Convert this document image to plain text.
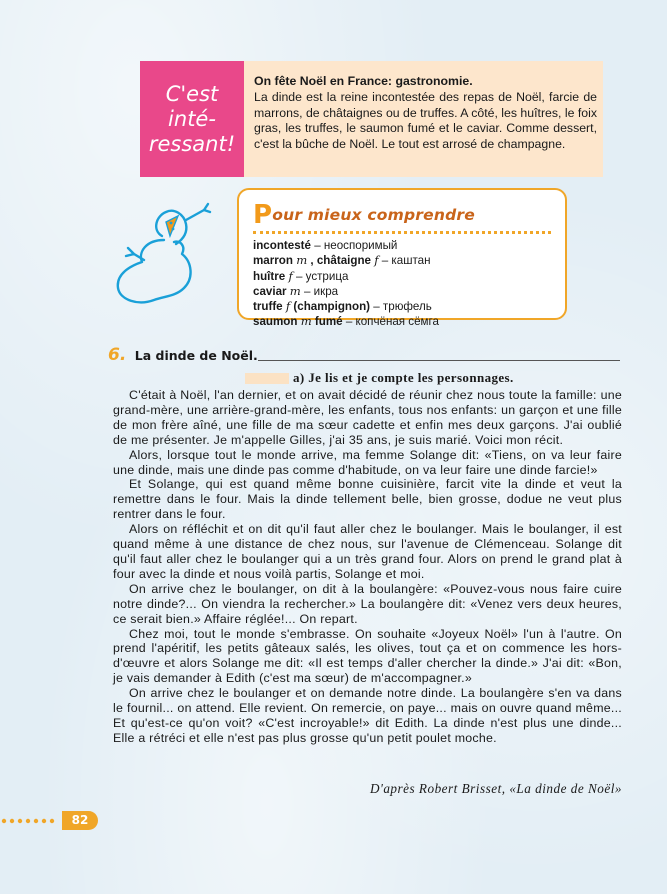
C'est
inté-
ressant!
On fête Noël en France: gastronomie.
La dinde est la reine incontestée des repas de Noël, farcie de marrons, de châtaignes ou de truffes. A côté, les huîtres, le foix gras, les truffes, le saumon fumé et le caviar. Comme dessert, c'est la bûche de Noël. Le tout est arrosé de champagne.
Pour mieux comprendre
incontesté – неоспоримый
marron m , châtaigne f – каштан
huître f – устрица
caviar m – икра
truffe f (champignon) – трюфель
saumon m fumé – копчёная сёмга
6. La dinde de Noël.
a) Je lis et je compte les personnages.

C'était à Noël, l'an dernier, et on avait décidé de réunir chez nous toute la famille: une grand-mère, une arrière-grand-mère, les enfants, tous nos enfants: un garçon et une fille de mon frère aîné, une fille de ma sœur cadette et enfin mes deux garçons. J'ai oublié de me présenter. Je m'appelle Gilles, j'ai 35 ans, je suis marié. Voici mon récit.

Alors, lorsque tout le monde arrive, ma femme Solange dit: «Tiens, on va leur faire une dinde, mais une dinde pas comme d'habitude, on va leur faire une dinde farcie!»

Et Solange, qui est quand même bonne cuisinière, farcit vite la dinde et veut la remettre dans le four. Mais la dinde tellement belle, bien grosse, dodue ne veut plus rentrer dans le four.

Alors on réfléchit et on dit qu'il faut aller chez le boulanger. Mais le boulanger, il est quand même à une distance de chez nous, sur l'avenue de Clémenceau. Solange dit qu'il faut aller chez le boulanger qui a un très grand four. Alors on prend le grand plat à four avec la dinde et nous voilà partis, Solange et moi.

On arrive chez le boulanger, on dit à la boulangère: «Pouvez-vous nous faire cuire notre dinde?... On viendra la rechercher.» La boulangère dit: «Venez vers deux heures, ce serait bien.» Affaire réglée!... On repart.

Chez moi, tout le monde s'embrasse. On souhaite «Joyeux Noël» l'un à l'autre. On prend l'apéritif, les petits gâteaux salés, les olives, tout ça et on commence les hors-d'œuvre et alors Solange me dit: «Il est temps d'aller chercher la dinde.» J'ai dit: «Bon, je vais demander à Edith (c'est ma sœur) de m'accompagner.»

On arrive chez le boulanger et on demande notre dinde. La boulangère s'en va dans le fournil... on attend. Elle revient. On remercie, on paye... mais on ouvre quand même... Et qu'est-ce qu'on voit? «C'est incroyable!» dit Edith. La dinde n'est plus une dinde... Elle a rétréci et elle n'est pas plus grosse qu'un petit poulet moche.

D'après Robert Brisset, «La dinde de Noël»
82
